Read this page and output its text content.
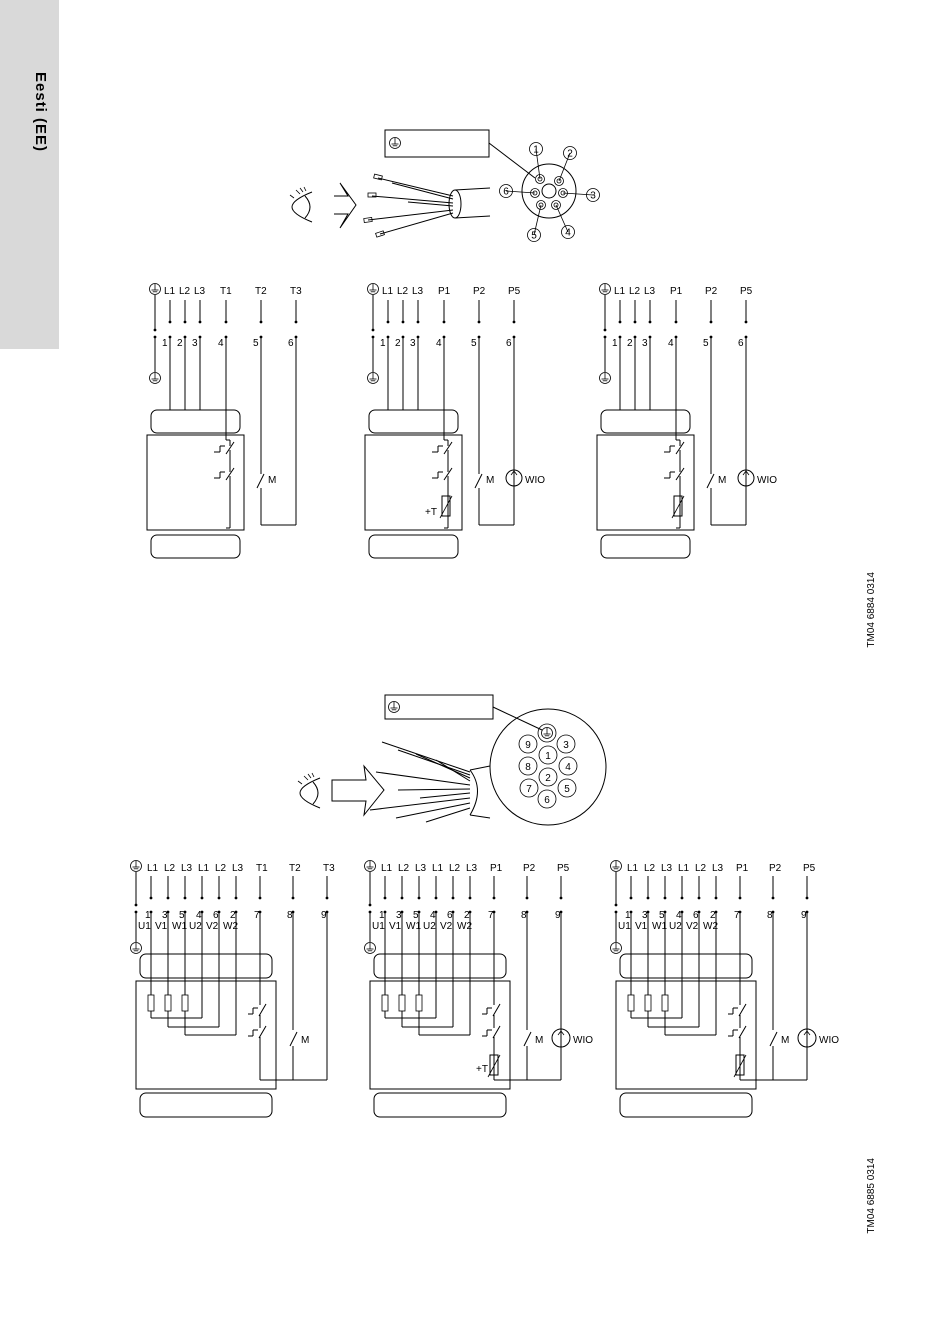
Eesti (EE)
TM04 6884 0314
TM04 6885 0314
1	2
3
4
5
6
1
2
3
4
5
6
7
8
9
L1
1
L2
2
L3
3
T1
4
T2
5
T3
6
M
L1
1
L2
2
L3
3
P1
4
P2
5
P5
6
M	WIO
+T
L1
1
L2
2
L3
3
P1
4
P2
5
P5
6
M	WIO
L1
1
L2
3
L3
5
L1
4
L2
6
L3
2
T1
7
T2
8
T3
9
U1 V1 W1 U2 V2 W2
M
L1
1
L2
3
L3
5
L1
4
L2
6
L3
2
P1
7
P2
8
P5
9
U1 V1 W1 U2 V2 W2
M	WIO
+T
L1
1
L2
3
L3
5
L1
4
L2
6
L3
2
P1
7
P2
8
P5
9
U1 V1 W1 U2 V2 W2
M	WIO
